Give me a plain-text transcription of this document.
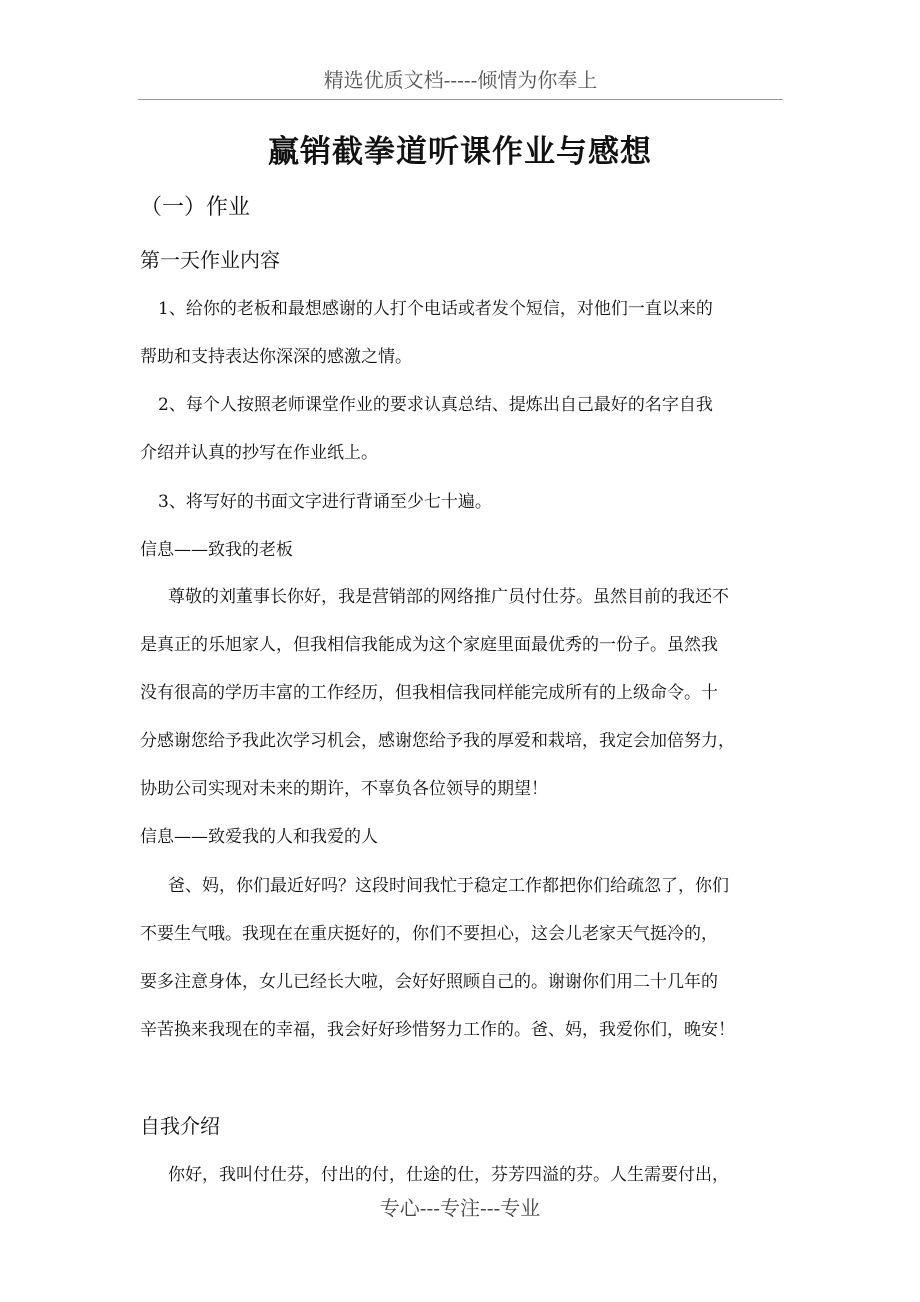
精选优质文档-----倾情为你奉上
赢销截拳道听课作业与感想
（一）作业
第一天作业内容
1、给你的老板和最想感谢的人打个电话或者发个短信，对他们一直以来的
帮助和支持表达你深深的感激之情。
2、每个人按照老师课堂作业的要求认真总结、提炼出自己最好的名字自我
介绍并认真的抄写在作业纸上。
3、将写好的书面文字进行背诵至少七十遍。
信息——致我的老板
尊敬的刘董事长你好，我是营销部的网络推广员付仕芬。虽然目前的我还不
是真正的乐旭家人，但我相信我能成为这个家庭里面最优秀的一份子。虽然我
没有很高的学历丰富的工作经历，但我相信我同样能完成所有的上级命令。十
分感谢您给予我此次学习机会，感谢您给予我的厚爱和栽培，我定会加倍努力，
协助公司实现对未来的期许，不辜负各位领导的期望！
信息——致爱我的人和我爱的人
爸、妈，你们最近好吗？这段时间我忙于稳定工作都把你们给疏忽了，你们
不要生气哦。我现在在重庆挺好的，你们不要担心，这会儿老家天气挺冷的，
要多注意身体，女儿已经长大啦，会好好照顾自己的。谢谢你们用二十几年的
辛苦换来我现在的幸福，我会好好珍惜努力工作的。爸、妈，我爱你们，晚安！
自我介绍
你好，我叫付仕芬，付出的付，仕途的仕，芬芳四溢的芬。人生需要付出，
专心---专注---专业
